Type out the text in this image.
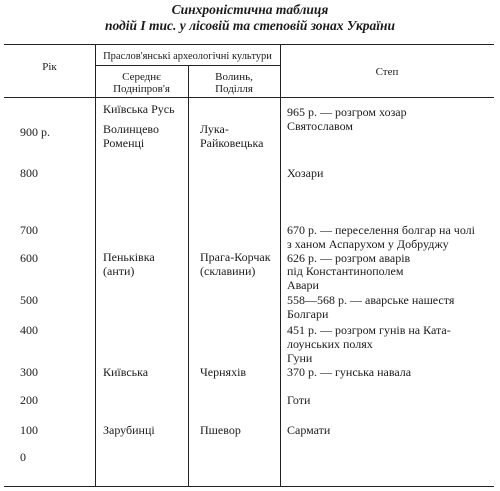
Синхроністична таблиця
подій I тис. у лісовій та степовій зонах України
Рік
Праслов'янські археологічні культури
Середнє
Подніпров'я
Волинь,
Поділля
Степ
900 р.
800
700
600
500
400
300
200
100
0
Київська Русь
Волинцево
Роменці
Пеньківка
(анти)
Київська
Зарубинці
Лука-
Райковецька
Прага-Корчак
(склавини)
Черняхів
Пшевор
965 р. — розгром хозар
Святославом
Хозари
670 р. — переселення болгар на чолі
з ханом Аспарухом у Добруджу
626 р. — розгром аварів
під Константинополем
Авари
558—568 р. — аварське нашестя
Болгари
451 р. — розгром гунів на Ката-
лоунських полях
Гуни
370 р. — гунська навала
Готи
Сармати
